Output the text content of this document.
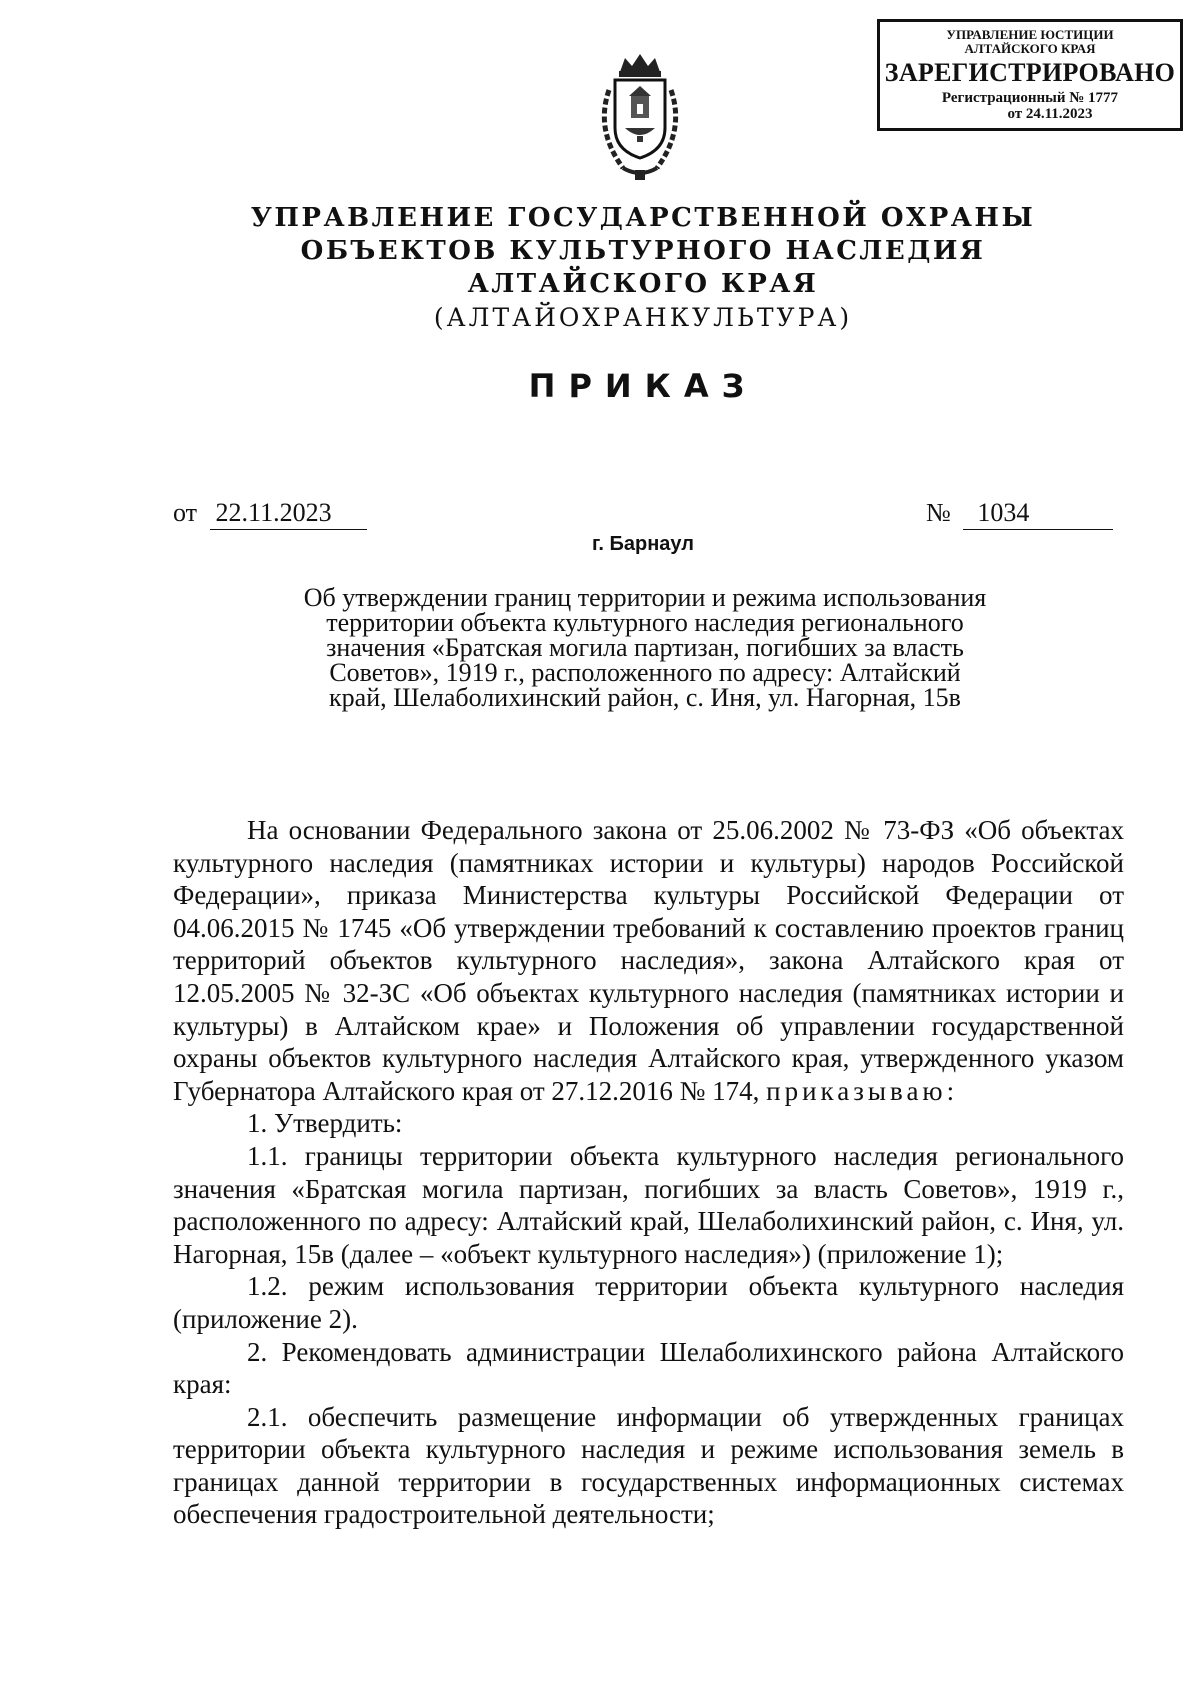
УПРАВЛЕНИЕ ЮСТИЦИИ
АЛТАЙСКОГО КРАЯ
ЗАРЕГИСТРИРОВАНО
Регистрационный № 1777
от 24.11.2023
УПРАВЛЕНИЕ ГОСУДАРСТВЕННОЙ ОХРАНЫ
ОБЪЕКТОВ КУЛЬТУРНОГО НАСЛЕДИЯ
АЛТАЙСКОГО КРАЯ
(АЛТАЙОХРАНКУЛЬТУРА)
ПРИКАЗ
от 22.11.2023	№ 1034
г. Барнаул
Об утверждении границ территории и режима использования
территории объекта культурного наследия регионального
значения «Братская могила партизан, погибших за власть
Советов», 1919 г., расположенного по адресу: Алтайский
край, Шелаболихинский район, с. Иня, ул. Нагорная, 15в

На основании Федерального закона от 25.06.2002 № 73-ФЗ «Об объектах культурного наследия (памятниках истории и культуры) народов Российской Федерации», приказа Министерства культуры Российской Федерации от 04.06.2015 № 1745 «Об утверждении требований к составлению проектов границ территорий объектов культурного наследия», закона Алтайского края от 12.05.2005 № 32-ЗС «Об объектах культурного наследия (памятниках истории и культуры) в Алтайском крае» и Положения об управлении государственной охраны объектов культурного наследия Алтайского края, утвержденного указом Губернатора Алтайского края от 27.12.2016 № 174, приказываю:

1. Утвердить:

1.1. границы территории объекта культурного наследия регионального значения «Братская могила партизан, погибших за власть Советов», 1919 г., расположенного по адресу: Алтайский край, Шелаболихинский район, с. Иня, ул. Нагорная, 15в (далее – «объект культурного наследия») (приложение 1);

1.2. режим использования территории объекта культурного наследия (приложение 2).

2. Рекомендовать администрации Шелаболихинского района Алтайского края:

2.1. обеспечить размещение информации об утвержденных границах территории объекта культурного наследия и режиме использования земель в границах данной территории в государственных информационных системах обеспечения градостроительной деятельности;
